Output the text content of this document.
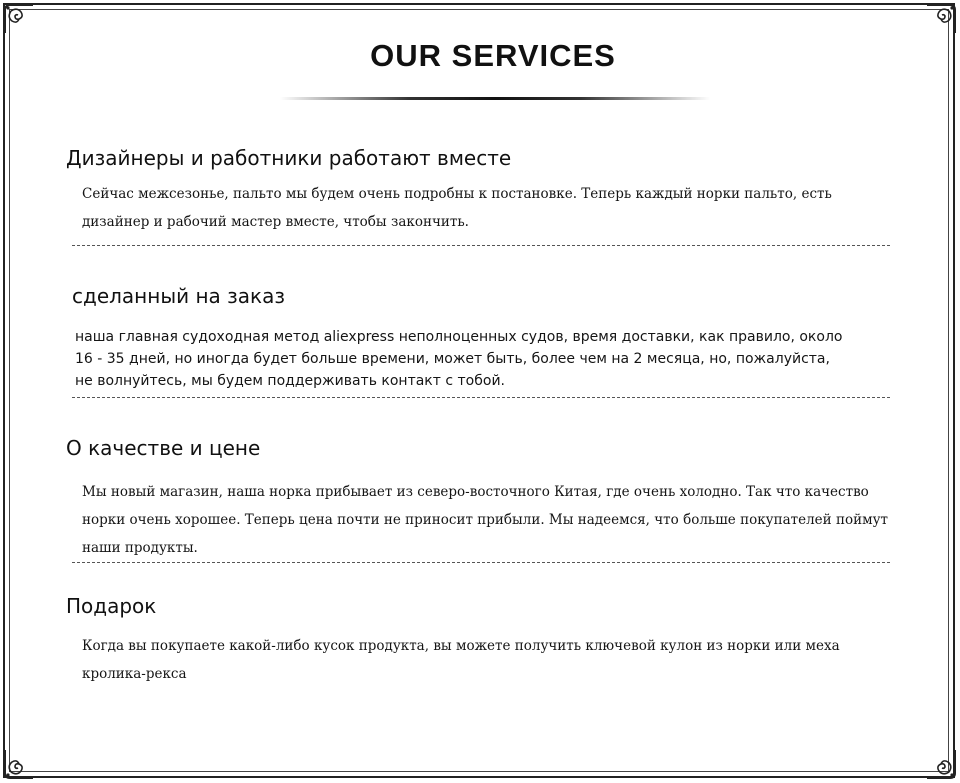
OUR SERVICES
Дизайнеры и работники работают вместе
Сейчас межсезонье, пальто мы будем очень подробны к постановке. Теперь каждый норки пальто, есть
дизайнер и рабочий мастер вместе, чтобы закончить.
сделанный на заказ
наша главная судоходная метод aliexpress неполноценных судов, время доставки, как правило, около
16 - 35 дней, но иногда будет больше времени, может быть, более чем на 2 месяца, но, пожалуйста,
не волнуйтесь, мы будем поддерживать контакт с тобой.
О качестве и цене
Мы новый магазин, наша норка прибывает из северо-восточного Китая, где очень холодно. Так что качество
норки очень хорошее. Теперь цена почти не приносит прибыли. Мы надеемся, что больше покупателей поймут
наши продукты.
Подарок
Когда вы покупаете какой-либо кусок продукта, вы можете получить ключевой кулон из норки или меха
кролика-рекса
